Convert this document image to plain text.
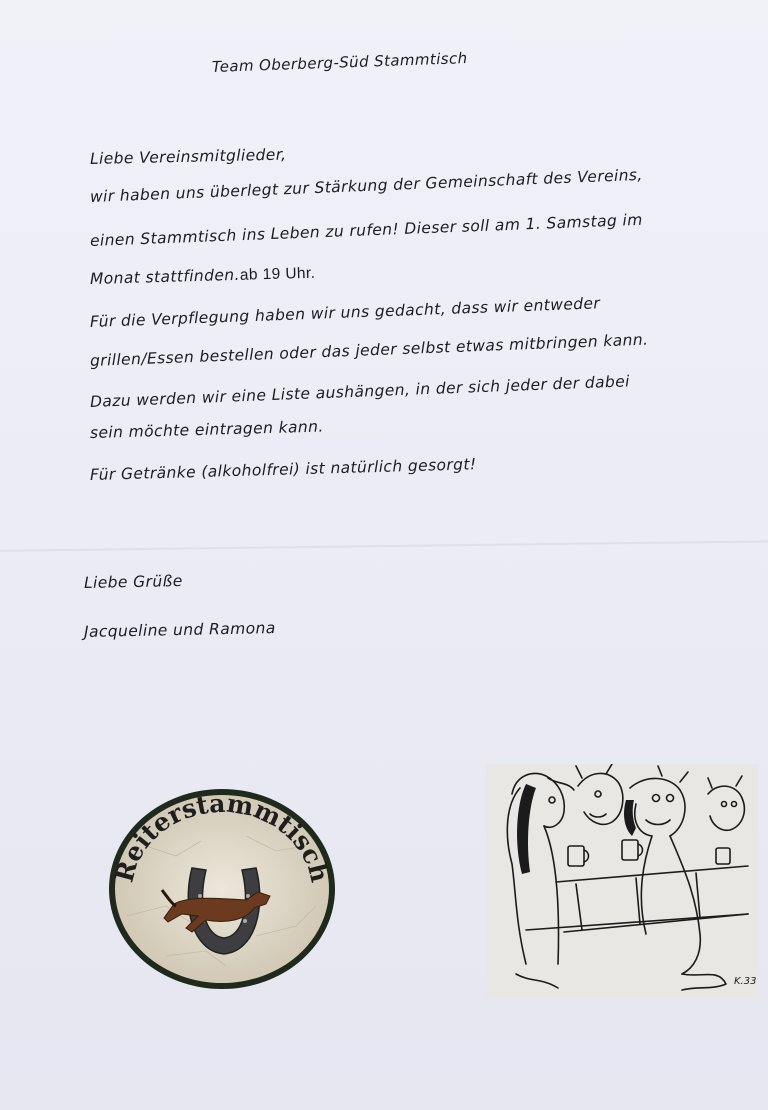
Team Oberberg-Süd Stammtisch

Liebe Vereinsmitglieder,

wir haben uns überlegt zur Stärkung der Gemeinschaft des Vereins,

einen Stammtisch ins Leben zu rufen! Dieser soll am 1. Samstag im

Monat stattfinden.ab 19 Uhr.

Für die Verpflegung haben wir uns gedacht, dass wir entweder

grillen/Essen bestellen oder das jeder selbst etwas mitbringen kann.

Dazu werden wir eine Liste aushängen, in der sich jeder der dabei

sein möchte eintragen kann.

Für Getränke (alkoholfrei) ist natürlich gesorgt!

Liebe Grüße

Jacqueline und Ramona

Reiterstammtisch
K.33
